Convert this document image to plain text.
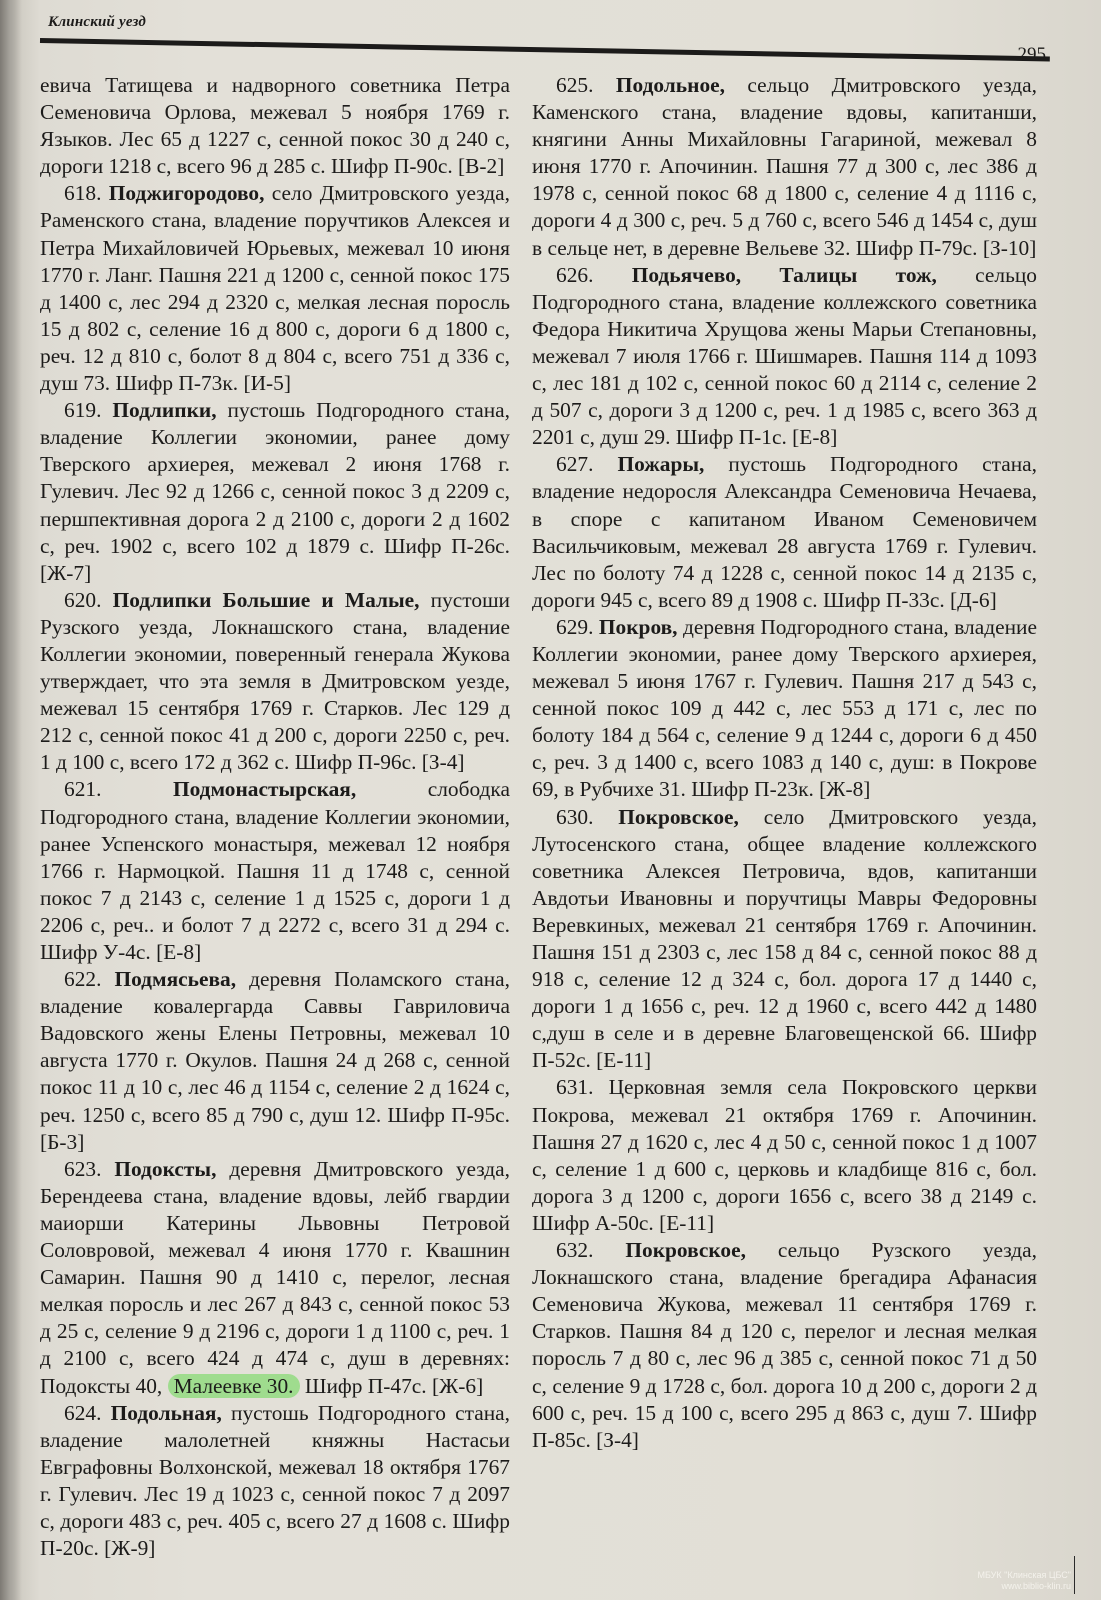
Клинский уезд
295

евича Татищева и надворного советника Петра Семеновича Орлова, межевал 5 ноября 1769 г. Языков. Лес 65 д 1227 с, сенной покос 30 д 240 с, дороги 1218 с, всего 96 д 285 с. Шифр П-90с. [В-2]

618. Поджигородово, село Дмитровского уезда, Раменского стана, владение поручтиков Алексея и Петра Михайловичей Юрьевых, межевал 10 июня 1770 г. Ланг. Пашня 221 д 1200 с, сенной покос 175 д 1400 с, лес 294 д 2320 с, мелкая лесная поросль 15 д 802 с, селение 16 д 800 с, дороги 6 д 1800 с, реч. 12 д 810 с, болот 8 д 804 с, всего 751 д 336 с, душ 73. Шифр П-73к. [И-5]

619. Подлипки, пустошь Подгородного стана, владение Коллегии экономии, ранее дому Тверского архиерея, межевал 2 июня 1768 г. Гулевич. Лес 92 д 1266 с, сенной покос 3 д 2209 с, першпективная дорога 2 д 2100 с, дороги 2 д 1602 с, реч. 1902 с, всего 102 д 1879 с. Шифр П-26с. [Ж-7]

620. Подлипки Большие и Малые, пустоши Рузского уезда, Локнашского стана, владение Коллегии экономии, поверенный генерала Жукова утверждает, что эта земля в Дмитровском уезде, межевал 15 сентября 1769 г. Старков. Лес 129 д 212 с, сенной покос 41 д 200 с, дороги 2250 с, реч. 1 д 100 с, всего 172 д 362 с. Шифр П-96с. [З-4]

621.	Подмонастырская, слободка Подгородного стана, владение Коллегии экономии, ранее Успенского монастыря, межевал 12 ноября 1766 г. Нармоцкой. Пашня 11 д 1748 с, сенной покос 7 д 2143 с, селение 1 д 1525 с, дороги 1 д 2206 с, реч.. и болот 7 д 2272 с, всего 31 д 294 с. Шифр У-4с. [Е-8]

622. Подмясьева, деревня Поламского стана, владение ковалергарда Саввы Гавриловича Вадовского жены Елены Петровны, межевал 10 августа 1770 г. Окулов. Пашня 24 д 268 с, сенной покос 11 д 10 с, лес 46 д 1154 с, селение 2 д 1624 с, реч. 1250 с, всего 85 д 790 с, душ 12. Шифр П-95с. [Б-3]

623. Подоксты, деревня Дмитровского уезда, Берендеева стана, владение вдовы, лейб гвардии маиорши Катерины Львовны Петровой Соловровой, межевал 4 июня 1770 г. Квашнин Самарин. Пашня 90 д 1410 с, перелог, лесная мелкая поросль и лес 267 д 843 с, сенной покос 53 д 25 с, селение 9 д 2196 с, дороги 1 д 1100 с, реч. 1 д 2100 с, всего 424 д 474 с, душ в деревнях: Подоксты 40, Малеевке 30. Шифр П-47с. [Ж-6]

624. Подольная, пустошь Подгородного стана, владение малолетней княжны Настасьи Евграфовны Волхонской, межевал 18 октября 1767 г. Гулевич. Лес 19 д 1023 с, сенной покос 7 д 2097 с, дороги 483 с, реч. 405 с, всего 27 д 1608 с. Шифр П-20с. [Ж-9]

625. Подольное, сельцо Дмитровского уезда, Каменского стана, владение вдовы, капитанши, княгини Анны Михайловны Гагариной, межевал 8 июня 1770 г. Апочинин. Пашня 77 д 300 с, лес 386 д 1978 с, сенной покос 68 д 1800 с, селение 4 д 1116 с, дороги 4 д 300 с, реч. 5 д 760 с, всего 546 д 1454 с, душ в сельце нет, в деревне Вельеве 32. Шифр П-79с. [З-10]

626. Подьячево, Талицы тож, сельцо Подгородного стана, владение коллежского советника Федора Никитича Хрущова жены Марьи Степановны, межевал 7 июля 1766 г. Шишмарев. Пашня 114 д 1093 с, лес 181 д 102 с, сенной покос 60 д 2114 с, селение 2 д 507 с, дороги 3 д 1200 с, реч. 1 д 1985 с, всего 363 д 2201 с, душ 29. Шифр П-1с. [Е-8]

627. Пожары, пустошь Подгородного стана, владение недоросля Александра Семеновича Нечаева, в споре с капитаном Иваном Семеновичем Васильчиковым, межевал 28 августа 1769 г. Гулевич. Лес по болоту 74 д 1228 с, сенной покос 14 д 2135 с, дороги 945 с, всего 89 д 1908 с. Шифр П-33с. [Д-6]

629. Покров, деревня Подгородного стана, владение Коллегии экономии, ранее дому Тверского архиерея, межевал 5 июня 1767 г. Гулевич. Пашня 217 д 543 с, сенной покос 109 д 442 с, лес 553 д 171 с, лес по болоту 184 д 564 с, селение 9 д 1244 с, дороги 6 д 450 с, реч. 3 д 1400 с, всего 1083 д 140 с, душ: в Покрове 69, в Рубчихе 31. Шифр П-23к. [Ж-8]

630. Покровское, село Дмитровского уезда, Лутосенского стана, общее владение коллежского советника Алексея Петровича, вдов, капитанши Авдотьи Ивановны и поручтицы Мавры Федоровны Веревкиных, межевал 21 сентября 1769 г. Апочинин. Пашня 151 д 2303 с, лес 158 д 84 с, сенной покос 88 д 918 с, селение 12 д 324 с, бол. дорога 17 д 1440 с, дороги 1 д 1656 с, реч. 12 д 1960 с, всего 442 д 1480 с,душ в селе и в деревне Благовещенской 66. Шифр П-52с. [Е-11]

631. Церковная земля села Покровского церкви Покрова, межевал 21 октября 1769 г. Апочинин. Пашня 27 д 1620 с, лес 4 д 50 с, сенной покос 1 д 1007 с, селение 1 д 600 с, церковь и кладбище 816 с, бол. дорога 3 д 1200 с, дороги 1656 с, всего 38 д 2149 с. Шифр А-50с. [Е-11]

632. Покровское, сельцо Рузского уезда, Локнашского стана, владение брегадира Афанасия Семеновича Жукова, межевал 11 сентября 1769 г. Старков. Пашня 84 д 120 с, перелог и лесная мелкая поросль 7 д 80 с, лес 96 д 385 с, сенной покос 71 д 50 с, селение 9 д 1728 с, бол. дорога 10 д 200 с, дороги 2 д 600 с, реч. 15 д 100 с, всего 295 д 863 с, душ 7. Шифр П-85с. [З-4]

МБУК "Клинская ЦБС"
www.biblio-klin.ru
